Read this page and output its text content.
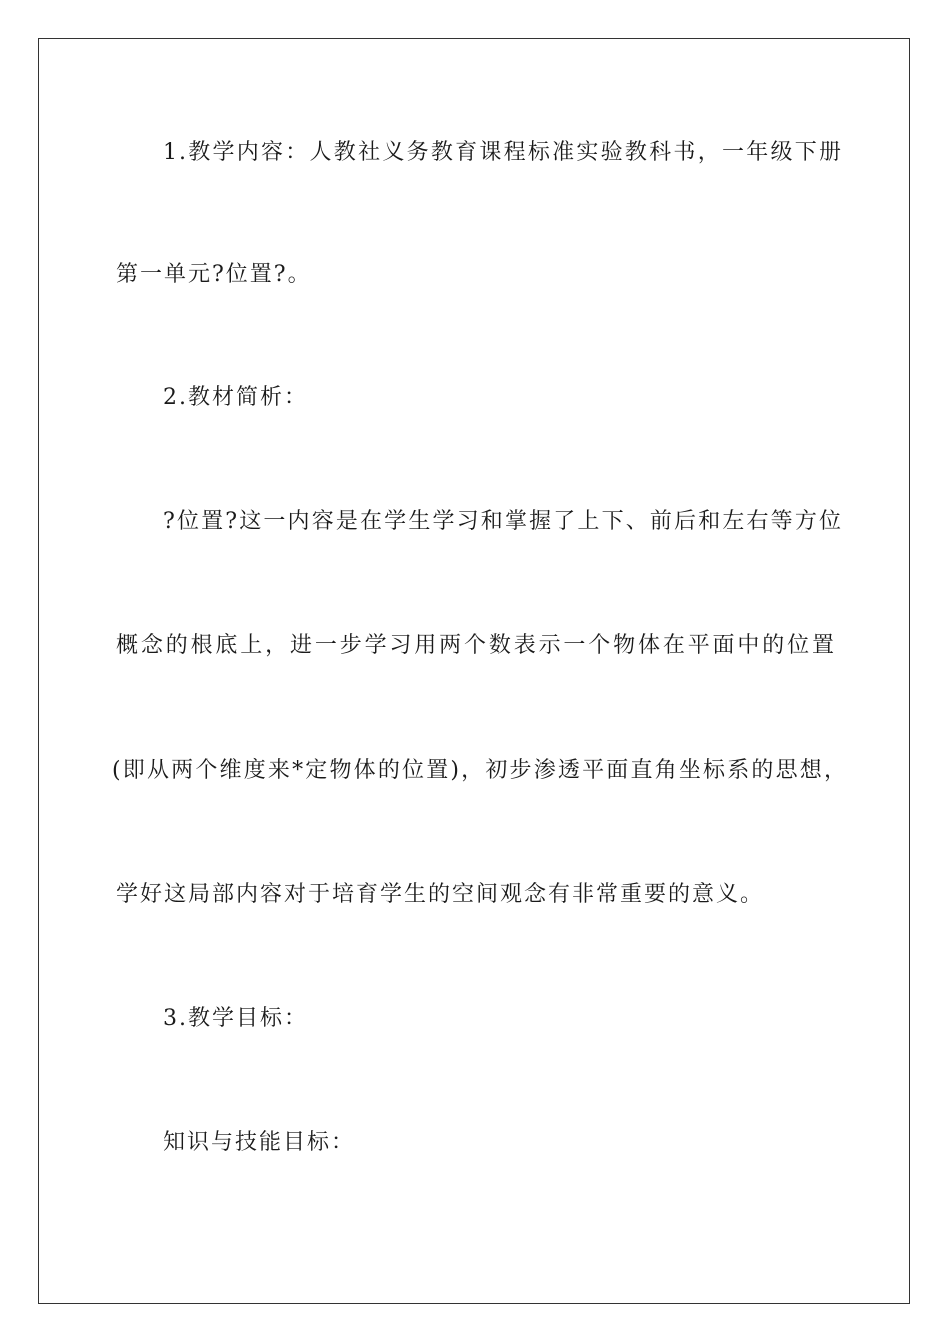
1.教学内容：人教社义务教育课程标准实验教科书，一年级下册
第一单元?位置?。
2.教材简析：
?位置?这一内容是在学生学习和掌握了上下、前后和左右等方位
概念的根底上，进一步学习用两个数表示一个物体在平面中的位置
(即从两个维度来*定物体的位置)，初步渗透平面直角坐标系的思想，
学好这局部内容对于培育学生的空间观念有非常重要的意义。
3.教学目标：
知识与技能目标：
